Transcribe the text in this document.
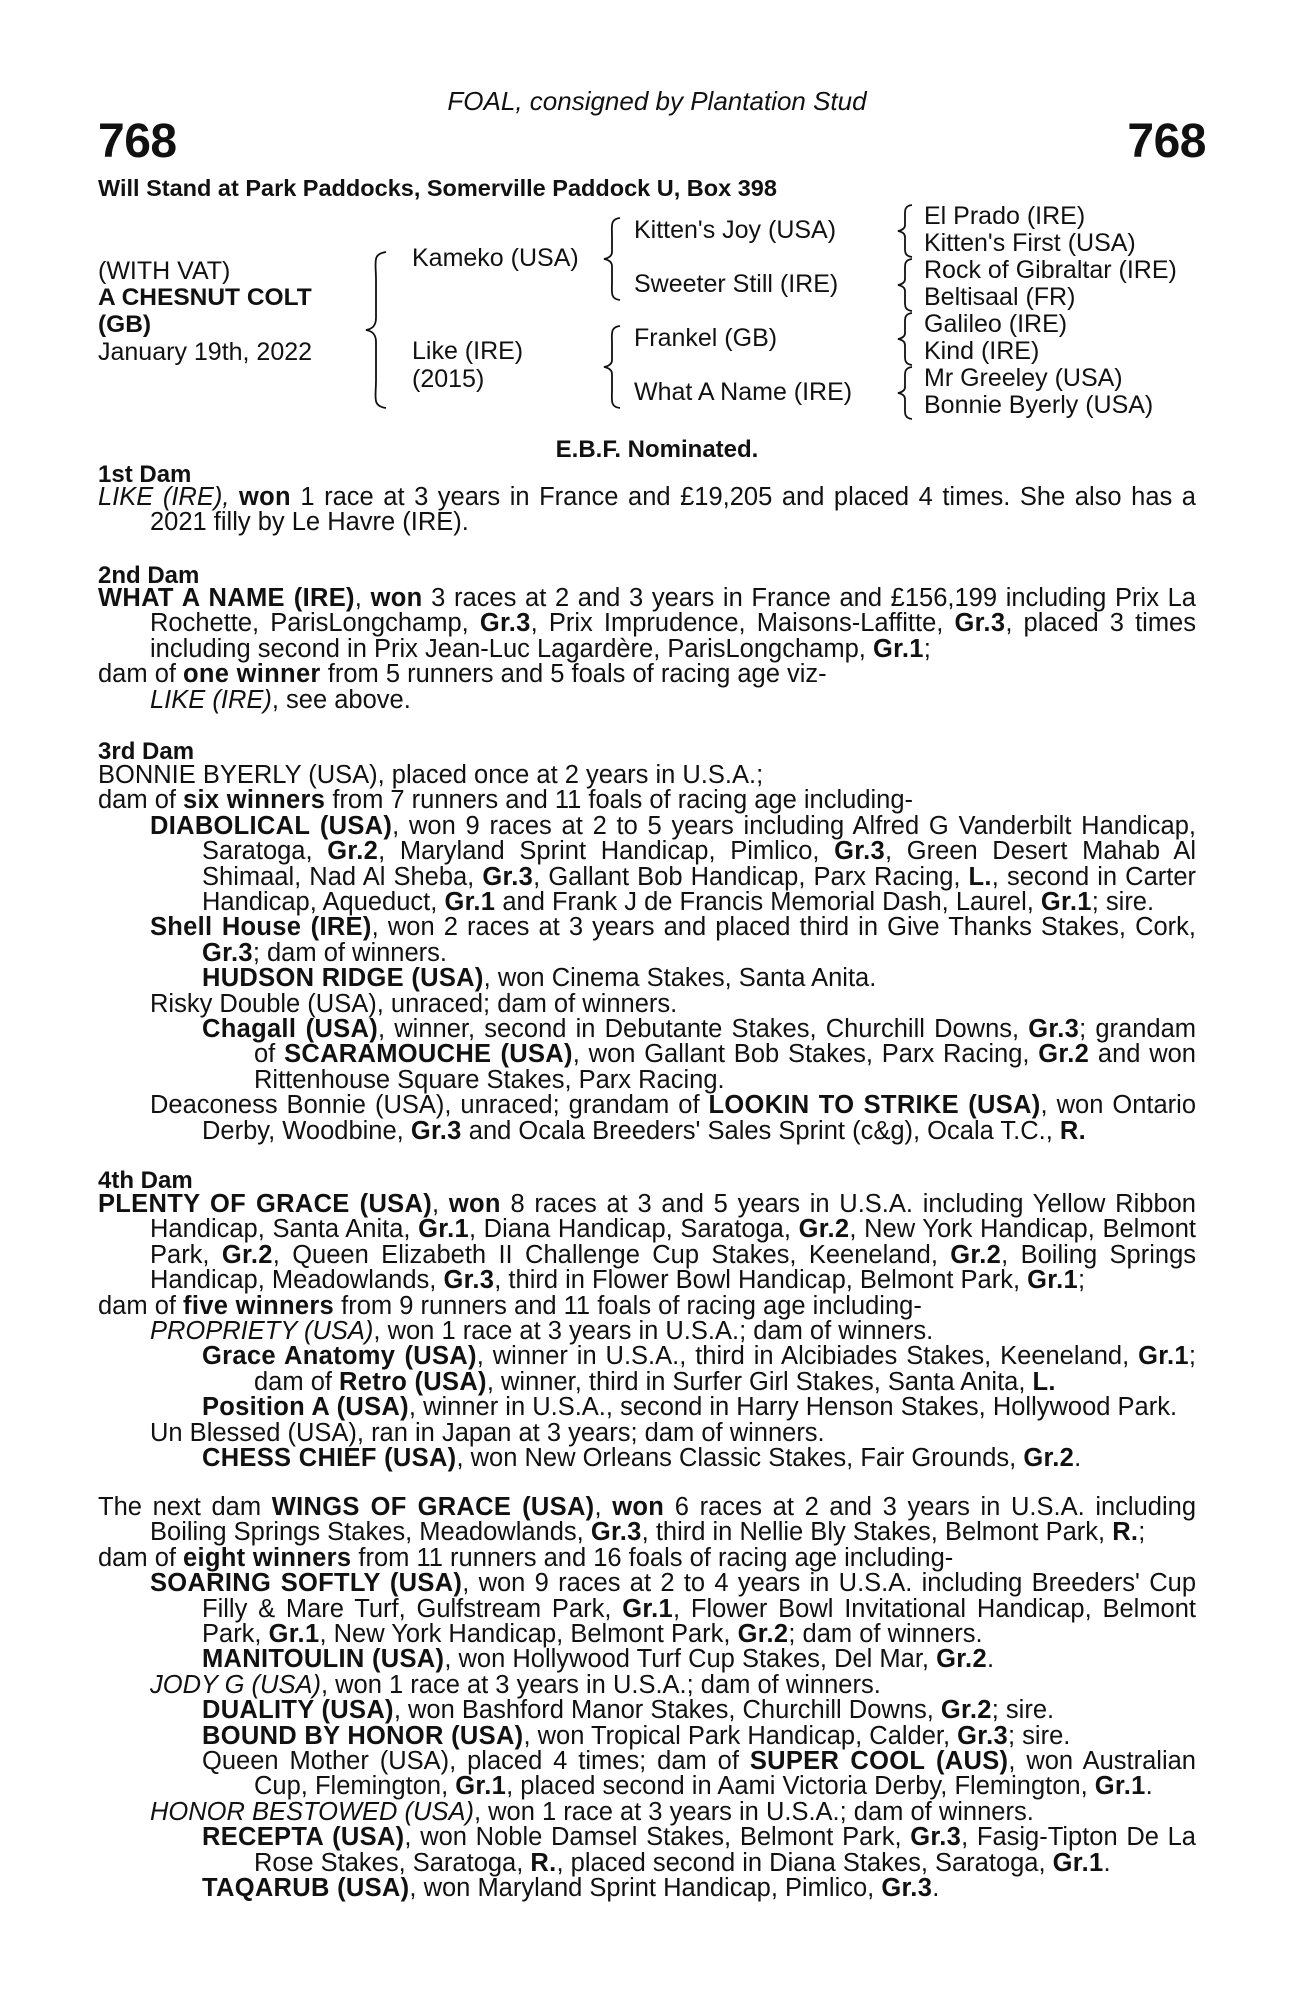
FOAL, consigned by Plantation Stud
768	768
Will Stand at Park Paddocks, Somerville Paddock U, Box 398
(WITH VAT)
A CHESNUT COLT
(GB)
January 19th, 2022
Kameko (USA)
Like (IRE)
(2015)
Kitten's Joy (USA)
Sweeter Still (IRE)
Frankel (GB)
What A Name (IRE)
El Prado (IRE)
Kitten's First (USA)
Rock of Gibraltar (IRE)
Beltisaal (FR)
Galileo (IRE)
Kind (IRE)
Mr Greeley (USA)
Bonnie Byerly (USA)
E.B.F. Nominated.
1st Dam

LIKE (IRE), won 1 race at 3 years in France and £19,205 and placed 4 times. She also has a 2021 filly by Le Havre (IRE).

2nd Dam

WHAT A NAME (IRE), won 3 races at 2 and 3 years in France and £156,199 including Prix La Rochette, ParisLongchamp, Gr.3, Prix Imprudence, Maisons-Laffitte, Gr.3, placed 3 times including second in Prix Jean-Luc Lagardère, ParisLongchamp, Gr.1;

dam of one winner from 5 runners and 5 foals of racing age viz-

LIKE (IRE), see above.

3rd Dam

BONNIE BYERLY (USA), placed once at 2 years in U.S.A.;

dam of six winners from 7 runners and 11 foals of racing age including-

DIABOLICAL (USA), won 9 races at 2 to 5 years including Alfred G Vanderbilt Handicap, Saratoga, Gr.2, Maryland Sprint Handicap, Pimlico, Gr.3, Green Desert Mahab Al Shimaal, Nad Al Sheba, Gr.3, Gallant Bob Handicap, Parx Racing, L., second in Carter Handicap, Aqueduct, Gr.1 and Frank J de Francis Memorial Dash, Laurel, Gr.1; sire.

Shell House (IRE), won 2 races at 3 years and placed third in Give Thanks Stakes, Cork, Gr.3; dam of winners.

HUDSON RIDGE (USA), won Cinema Stakes, Santa Anita.

Risky Double (USA), unraced; dam of winners.

Chagall (USA), winner, second in Debutante Stakes, Churchill Downs, Gr.3; grandam of SCARAMOUCHE (USA), won Gallant Bob Stakes, Parx Racing, Gr.2 and won Rittenhouse Square Stakes, Parx Racing.

Deaconess Bonnie (USA), unraced; grandam of LOOKIN TO STRIKE (USA), won Ontario Derby, Woodbine, Gr.3 and Ocala Breeders' Sales Sprint (c&g), Ocala T.C., R.

4th Dam

PLENTY OF GRACE (USA), won 8 races at 3 and 5 years in U.S.A. including Yellow Ribbon Handicap, Santa Anita, Gr.1, Diana Handicap, Saratoga, Gr.2, New York Handicap, Belmont Park, Gr.2, Queen Elizabeth II Challenge Cup Stakes, Keeneland, Gr.2, Boiling Springs Handicap, Meadowlands, Gr.3, third in Flower Bowl Handicap, Belmont Park, Gr.1;

dam of five winners from 9 runners and 11 foals of racing age including-

PROPRIETY (USA), won 1 race at 3 years in U.S.A.; dam of winners.

Grace Anatomy (USA), winner in U.S.A., third in Alcibiades Stakes, Keeneland, Gr.1; dam of Retro (USA), winner, third in Surfer Girl Stakes, Santa Anita, L.

Position A (USA), winner in U.S.A., second in Harry Henson Stakes, Hollywood Park.

Un Blessed (USA), ran in Japan at 3 years; dam of winners.

CHESS CHIEF (USA), won New Orleans Classic Stakes, Fair Grounds, Gr.2.

The next dam WINGS OF GRACE (USA), won 6 races at 2 and 3 years in U.S.A. including Boiling Springs Stakes, Meadowlands, Gr.3, third in Nellie Bly Stakes, Belmont Park, R.;

dam of eight winners from 11 runners and 16 foals of racing age including-

SOARING SOFTLY (USA), won 9 races at 2 to 4 years in U.S.A. including Breeders' Cup Filly & Mare Turf, Gulfstream Park, Gr.1, Flower Bowl Invitational Handicap, Belmont Park, Gr.1, New York Handicap, Belmont Park, Gr.2; dam of winners.

MANITOULIN (USA), won Hollywood Turf Cup Stakes, Del Mar, Gr.2.

JODY G (USA), won 1 race at 3 years in U.S.A.; dam of winners.

DUALITY (USA), won Bashford Manor Stakes, Churchill Downs, Gr.2; sire.

BOUND BY HONOR (USA), won Tropical Park Handicap, Calder, Gr.3; sire.

Queen Mother (USA), placed 4 times; dam of SUPER COOL (AUS), won Australian Cup, Flemington, Gr.1, placed second in Aami Victoria Derby, Flemington, Gr.1.

HONOR BESTOWED (USA), won 1 race at 3 years in U.S.A.; dam of winners.

RECEPTA (USA), won Noble Damsel Stakes, Belmont Park, Gr.3, Fasig-Tipton De La Rose Stakes, Saratoga, R., placed second in Diana Stakes, Saratoga, Gr.1.

TAQARUB (USA), won Maryland Sprint Handicap, Pimlico, Gr.3.
